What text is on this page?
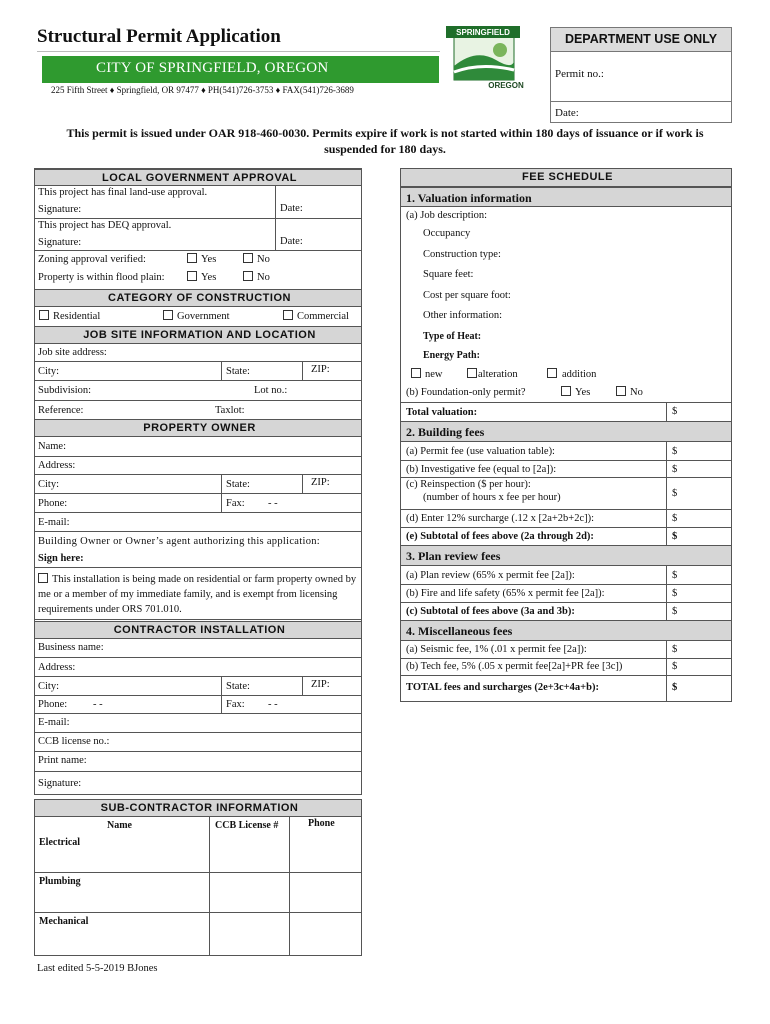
Structural Permit Application
CITY OF SPRINGFIELD, OREGON
225 Fifth Street ♦ Springfield, OR 97477 ♦ PH(541)726-3753 ♦ FAX(541)726-3689
SPRINGFIELD
OREGON
DEPARTMENT USE ONLY
Permit no.:
Date:
This permit is issued under OAR 918-460-0030. Permits expire if work is not started within 180 days of issuance or if work is suspended for 180 days.
LOCAL GOVERNMENT APPROVAL
This project has final land-use approval.
Signature:	Date:
This project has DEQ approval.
Signature:	Date:
Zoning approval verified:	Yes	No
Property is within flood plain:	Yes	No
CATEGORY OF CONSTRUCTION
Residential	Government	Commercial
JOB SITE INFORMATION AND LOCATION
Job site address:
City:	State:	ZIP:
Subdivision:	Lot no.:
Reference:	Taxlot:
PROPERTY OWNER
Name:
Address:
City:	State:	ZIP:
Phone:	Fax: - -
E-mail:
Building Owner or Owner’s agent authorizing this application:
Sign here:
This installation is being made on residential or farm property owned by me or a member of my immediate family, and is exempt from licensing requirements under ORS 701.010.
CONTRACTOR INSTALLATION
Business name:
Address:
City:	State:	ZIP:
Phone: - -	Fax: - -
E-mail:
CCB license no.:
Print name:
Signature:
SUB-CONTRACTOR INFORMATION
Name	CCB License #	Phone
Electrical
Plumbing
Mechanical
FEE SCHEDULE
1. Valuation information
(a) Job description:
Occupancy
Construction type:
Square feet:
Cost per square foot:
Other information:
Type of Heat:
Energy Path:
new	alteration	addition
(b) Foundation-only permit?	Yes	No
Total valuation:	$
2. Building fees
(a) Permit fee (use valuation table):	$
(b) Investigative fee (equal to [2a]):	$
(c) Reinspection ($ per hour):
(number of hours x fee per hour)	$
(d) Enter 12% surcharge (.12 x [2a+2b+2c]):	$
(e) Subtotal of fees above (2a through 2d):	$
3. Plan review fees
(a) Plan review (65% x permit fee [2a]):	$
(b) Fire and life safety (65% x permit fee [2a]):	$
(c) Subtotal of fees above (3a and 3b):	$
4. Miscellaneous fees
(a) Seismic fee, 1% (.01 x permit fee [2a]):	$
(b) Tech fee, 5% (.05 x permit fee[2a]+PR fee [3c])	$
TOTAL fees and surcharges (2e+3c+4a+b):	$
Last edited 5-5-2019 BJones
